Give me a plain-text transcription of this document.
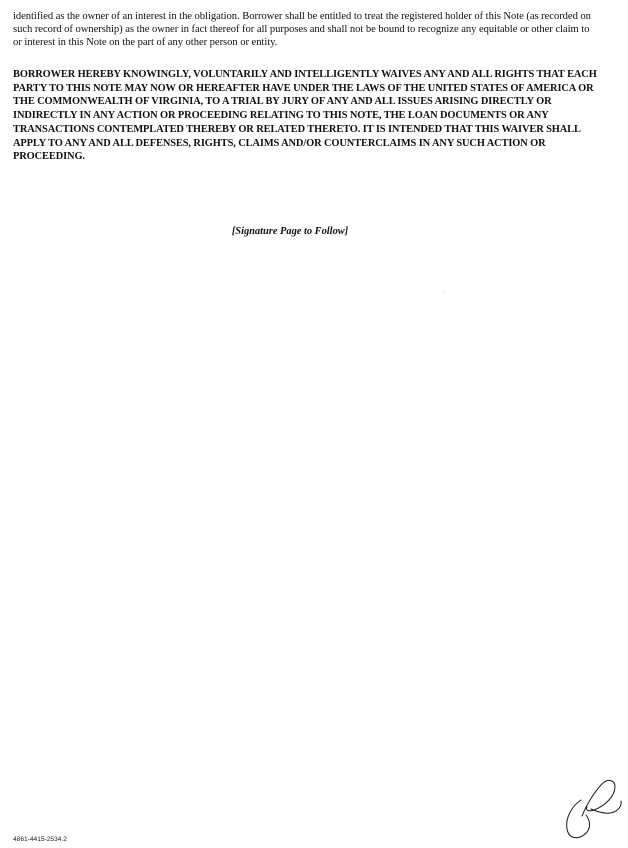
identified as the owner of an interest in the obligation. Borrower shall be entitled to treat the registered holder of this Note (as recorded on such record of ownership) as the owner in fact thereof for all purposes and shall not be bound to recognize any equitable or other claim to or interest in this Note on the part of any other person or entity.

BORROWER HEREBY KNOWINGLY, VOLUNTARILY AND INTELLIGENTLY WAIVES ANY AND ALL RIGHTS THAT EACH PARTY TO THIS NOTE MAY NOW OR HEREAFTER HAVE UNDER THE LAWS OF THE UNITED STATES OF AMERICA OR THE COMMONWEALTH OF VIRGINIA, TO A TRIAL BY JURY OF ANY AND ALL ISSUES ARISING DIRECTLY OR INDIRECTLY IN ANY ACTION OR PROCEEDING RELATING TO THIS NOTE, THE LOAN DOCUMENTS OR ANY TRANSACTIONS CONTEMPLATED THEREBY OR RELATED THERETO. IT IS INTENDED THAT THIS WAIVER SHALL APPLY TO ANY AND ALL DEFENSES, RIGHTS, CLAIMS AND/OR COUNTERCLAIMS IN ANY SUCH ACTION OR PROCEEDING.

[Signature Page to Follow]

4861-4415-2534.2
